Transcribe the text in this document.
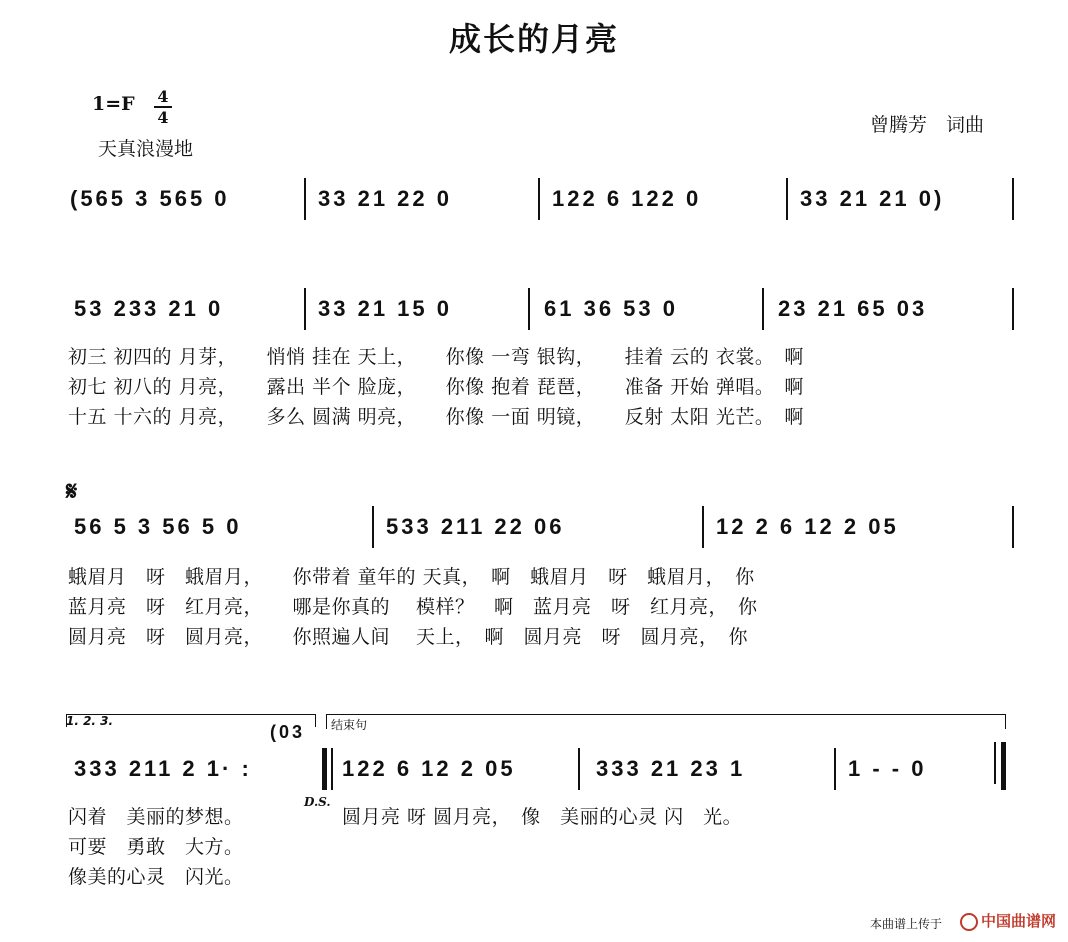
成长的月亮
1=F 4
4
天真浪漫地
曾腾芳　词曲
(565 3 565 0	33 21 22 0	122 6 122 0	33 21 21 0)
53 233 21 0	33 21 15 0	61 36 53 0	23 21 65 03
初三 初四的 月芽，　　悄悄 挂在 天上，　　你像 一弯 银钩，　　挂着 云的 衣裳。　啊
初七 初八的 月亮，　　露出 半个 脸庞，　　你像 抱着 琵琶，　　准备 开始 弹唱。　啊
十五 十六的 月亮，　　多么 圆满 明亮，　　你像 一面 明镜，　　反射 太阳 光芒。　啊
𝄋
56 5 3 56 5 0	533 211 22 06	12 2 6 12 2 05
蛾眉月　呀　蛾眉月，　　你带着 童年的 天真，　啊　蛾眉月　呀　蛾眉月，　你
蓝月亮　呀　红月亮，　　哪是你真的　 模样？　啊　蓝月亮　呀　红月亮，　你
圆月亮　呀　圆月亮，　　你照遍人间　 天上，　啊　圆月亮　呀　圆月亮，　你
1. 2. 3.	结束句
(03
333 211 2 1· :	122 6 12 2 05	333 21 23 1	1 - - 0
D.S.
闪着　美丽的梦想。	圆月亮 呀 圆月亮，　像　美丽的心灵 闪　光。
可要　勇敢　大方。
像美的心灵　闪光。
本曲谱上传于	中国曲谱网
